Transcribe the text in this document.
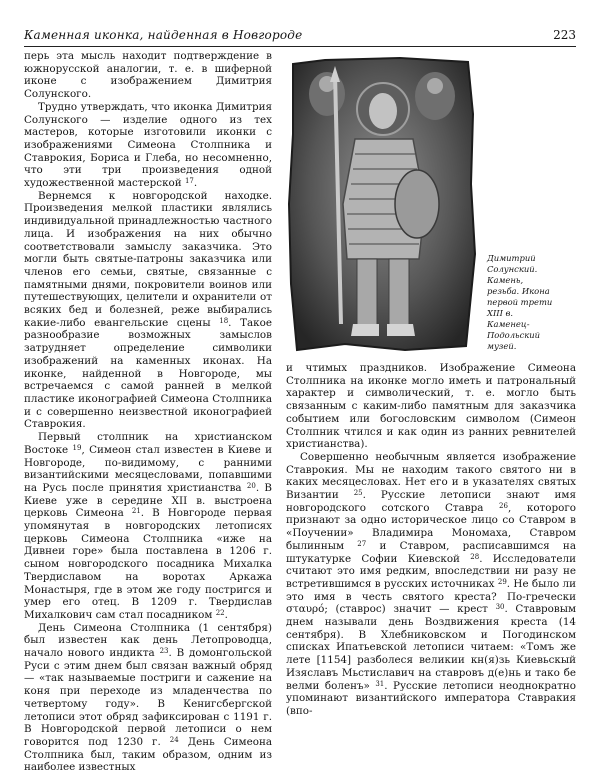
Каменная иконка, найденная в Новгороде	223

перь эта мысль находит подтверждение в южнорусской аналогии, т. е. в шиферной иконе с изображением Димитрия Солунского.

Трудно утверждать, что иконка Димитрия Солунского — изделие одного из тех мастеров, которые изготовили иконки с изображениями Симеона Столпника и Ставрокия, Бориса и Глеба, но несомненно, что эти три произведения одной художественной мастерской $^{17}$.

Вернемся к новгородской находке. Произведения мелкой пластики являлись индивидуальной принадлежностью частного лица. И изображения на них обычно соответствовали замыслу заказчика. Это могли быть святые-патроны заказчика или членов его семьи, святые, связанные с памятными днями, покровители воинов или путешествующих, целители и охранители от всяких бед и болезней, реже выбирались какие-либо евангельские сцены $^{18}$. Такое разнообразие возможных замыслов затрудняет определение символики изображений на каменных иконах. На иконке, найденной в Новгороде, мы встречаемся с самой ранней в мелкой пластике иконографией Симеона Столпника и с совершенно неизвестной иконографией Ставрокия.

Первый столпник на христианском Востоке $^{19}$, Симеон стал известен в Киеве и Новгороде, по-видимому, с ранними византийскими месяцесловами, попавшими на Русь после принятия христианства $^{20}$. В Киеве уже в середине XII в. выстроена церковь Симеона $^{21}$. В Новгороде первая упомянутая в новгородских летописях церковь Симеона Столпника «иже на Дивнеи горе» была поставлена в 1206 г. сыном новгородского посадника Михалка Твердиславом на воротах Аркажа Монастыря, где в этом же году постригся и умер его отец. В 1209 г. Твердислав Михалкович сам стал посадником $^{22}$.

День Симеона Столпника (1 сентября) был известен как день Летопроводца, начало нового индикта $^{23}$. В домонгольской Руси с этим днем был связан важный обряд — «так называемые постриги и сажение на коня при переходе из младенчества по четвертому году». В Кенигсбергской летописи этот обряд зафиксирован с 1191 г. В Новгородской первой летописи о нем говорится под 1230 г. $^{24}$ День Симеона Столпника был, таким образом, одним из наиболее известных

Димитрий
Солунский.
Камень,
резьба. Икона
первой трети
XIII в.
Каменец-
Подольский
музей.

и чтимых праздников. Изображение Симеона Столпника на иконке могло иметь и патрональный характер и символический, т. е. могло быть связанным с каким-либо памятным для заказчика событием или богословским символом (Симеон Столпник чтился и как один из ранних ревнителей христианства).

Совершенно необычным является изображение Ставрокия. Мы не находим такого святого ни в каких месяцесловах. Нет его и в указателях святых Византии $^{25}$. Русские летописи знают имя новгородского сотского Ставра $^{26}$, которого признают за одно историческое лицо со Ставром в «Поучении» Владимира Мономаха, Ставром былинным $^{27}$ и Ставром, расписавшимся на штукатурке Софии Киевской $^{28}$. Исследователи считают это имя редким, впоследствии ни разу не встретившимся в русских источниках $^{29}$. Не было ли это имя в честь святого креста? По-гречески σταυρό; (ставрос) значит — крест $^{30}$. Ставровым днем называли день Воздвижения креста (14 сентября). В Хлебниковском и Погодинском списках Ипатьевской летописи читаем: «Томъ же лете [1154] разболеся великии кн(я)зь Киевьскый Изяславъ Мьстиславич на ставровъ д(е)нь и тако бе велми боленъ» $^{31}$. Русские летописи неоднократно упоминают византийского императора Ставракия (впо-
